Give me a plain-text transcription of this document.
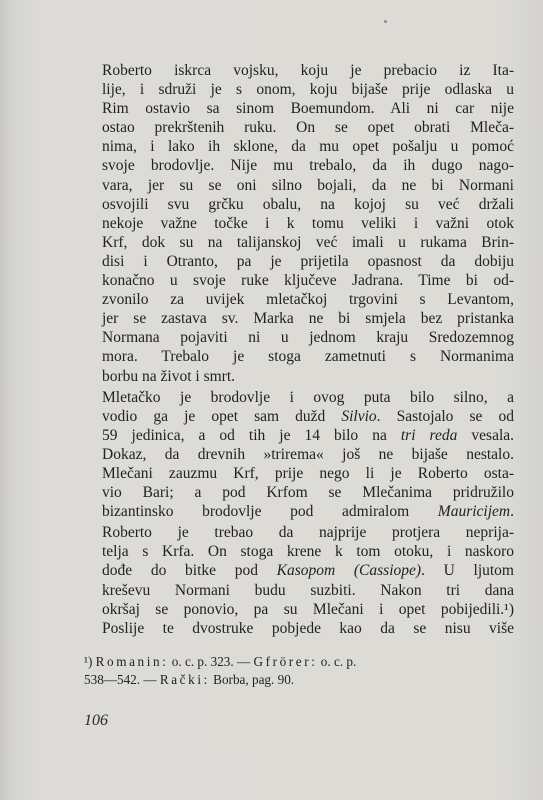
Roberto iskrca vojsku, koju je prebacio iz Ita-
lije, i sdruži je s onom, koju bijaše prije odlaska u
Rim ostavio sa sinom Boemundom. Ali ni car nije
ostao prekrštenih ruku. On se opet obrati Mleča-
nima, i lako ih sklone, da mu opet pošalju u pomoć
svoje brodovlje. Nije mu trebalo, da ih dugo nago-
vara, jer su se oni silno bojali, da ne bi Normani
osvojili svu grčku obalu, na kojoj su već držali
nekoje važne točke i k tomu veliki i važni otok
Krf, dok su na talijanskoj već imali u rukama Brin-
disi i Otranto, pa je prijetila opasnost da dobiju
konačno u svoje ruke ključeve Jadrana. Time bi od-
zvonilo za uvijek mletačkoj trgovini s Levantom,
jer se zastava sv. Marka ne bi smjela bez pristanka
Normana pojaviti ni u jednom kraju Sredozemnog
mora. Trebalo je stoga zametnuti s Normanima
borbu na život i smrt.
Mletačko je brodovlje i ovog puta bilo silno, a
vodio ga je opet sam dužd Silvio. Sastojalo se od
59 jedinica, a od tih je 14 bilo na tri reda vesala.
Dokaz, da drevnih »trirema« još ne bijaše nestalo.
Mlečani zauzmu Krf, prije nego li je Roberto osta-
vio Bari; a pod Krfom se Mlečanima pridružilo
bizantinsko brodovlje pod admiralom Mauricijem.
Roberto je trebao da najprije protjera neprija-
telja s Krfa. On stoga krene k tom otoku, i naskoro
dođe do bitke pod Kasopom (Cassiope). U ljutom
kreševu Normani budu suzbiti. Nakon tri dana
okršaj se ponovio, pa su Mlečani i opet pobijedili.¹)
Poslije te dvostruke pobjede kao da se nisu više
¹) Romanin: o. c. p. 323. — Gfrörer: o. c. p.
538—542. — Rački: Borba, pag. 90.
106
